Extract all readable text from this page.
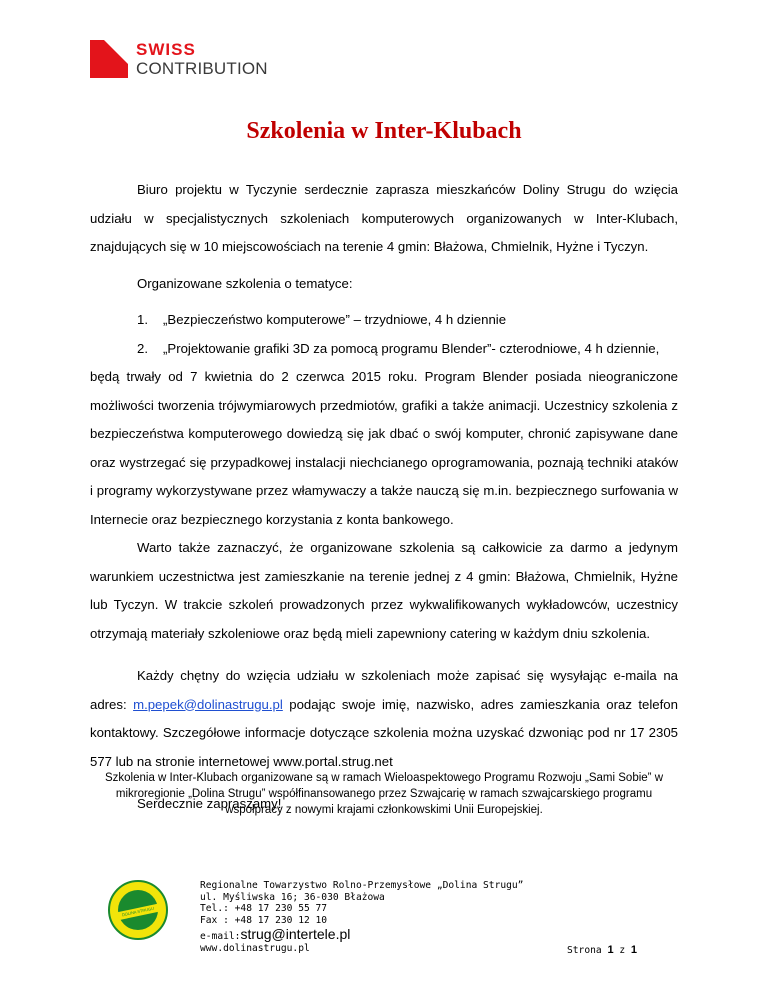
SWISS
CONTRIBUTION
Szkolenia w Inter-Klubach

Biuro projektu w Tyczynie serdecznie zaprasza mieszkańców Doliny Strugu do wzięcia udziału w specjalistycznych szkoleniach komputerowych organizowanych w Inter-Klubach, znajdujących się w 10 miejscowościach na terenie 4 gmin: Błażowa, Chmielnik, Hyżne i Tyczyn.

Organizowane szkolenia o tematyce:

1.	„Bezpieczeństwo komputerowe” – trzydniowe, 4 h dziennie
2.	„Projektowanie grafiki 3D za pomocą programu Blender”- czterodniowe, 4 h dziennie,

będą trwały od 7 kwietnia do 2 czerwca 2015 roku. Program Blender posiada nieograniczone możliwości tworzenia trójwymiarowych przedmiotów, grafiki a także animacji. Uczestnicy szkolenia z bezpieczeństwa komputerowego dowiedzą się jak dbać o swój komputer, chronić zapisywane dane oraz wystrzegać się przypadkowej instalacji niechcianego oprogramowania, poznają techniki ataków i programy wykorzystywane przez włamywaczy a także nauczą się m.in. bezpiecznego surfowania w Internecie oraz bezpiecznego korzystania z konta bankowego.

Warto także zaznaczyć, że organizowane szkolenia są całkowicie za darmo a jedynym warunkiem uczestnictwa jest zamieszkanie na terenie jednej z 4 gmin: Błażowa, Chmielnik, Hyżne lub Tyczyn. W trakcie szkoleń prowadzonych przez wykwalifikowanych wykładowców, uczestnicy otrzymają materiały szkoleniowe oraz będą mieli zapewniony catering w każdym dniu szkolenia.

Każdy chętny do wzięcia udziału w szkoleniach może zapisać się wysyłając e-maila na adres: m.pepek@dolinastrugu.pl podając swoje imię, nazwisko, adres zamieszkania oraz telefon kontaktowy. Szczegółowe informacje dotyczące szkolenia można uzyskać dzwoniąc pod nr 17 2305 577 lub na stronie internetowej www.portal.strug.net

Serdecznie zapraszamy!

Szkolenia w Inter-Klubach organizowane są w ramach Wieloaspektowego Programu Rozwoju „Sami Sobie” w mikroregionie „Dolina Strugu” współfinansowanego przez Szwajcarię w ramach szwajcarskiego programu współpracy z nowymi krajami członkowskimi Unii Europejskiej.
DOLINA STRUGU
Regionalne Towarzystwo Rolno-Przemysłowe „Dolina Strugu”
ul. Myśliwska 16; 36-030 Błażowa
Tel.: +48 17 230 55 77
Fax : +48 17 230 12 10
e-mail:strug@intertele.pl
www.dolinastrugu.pl	Strona 1 z 1
